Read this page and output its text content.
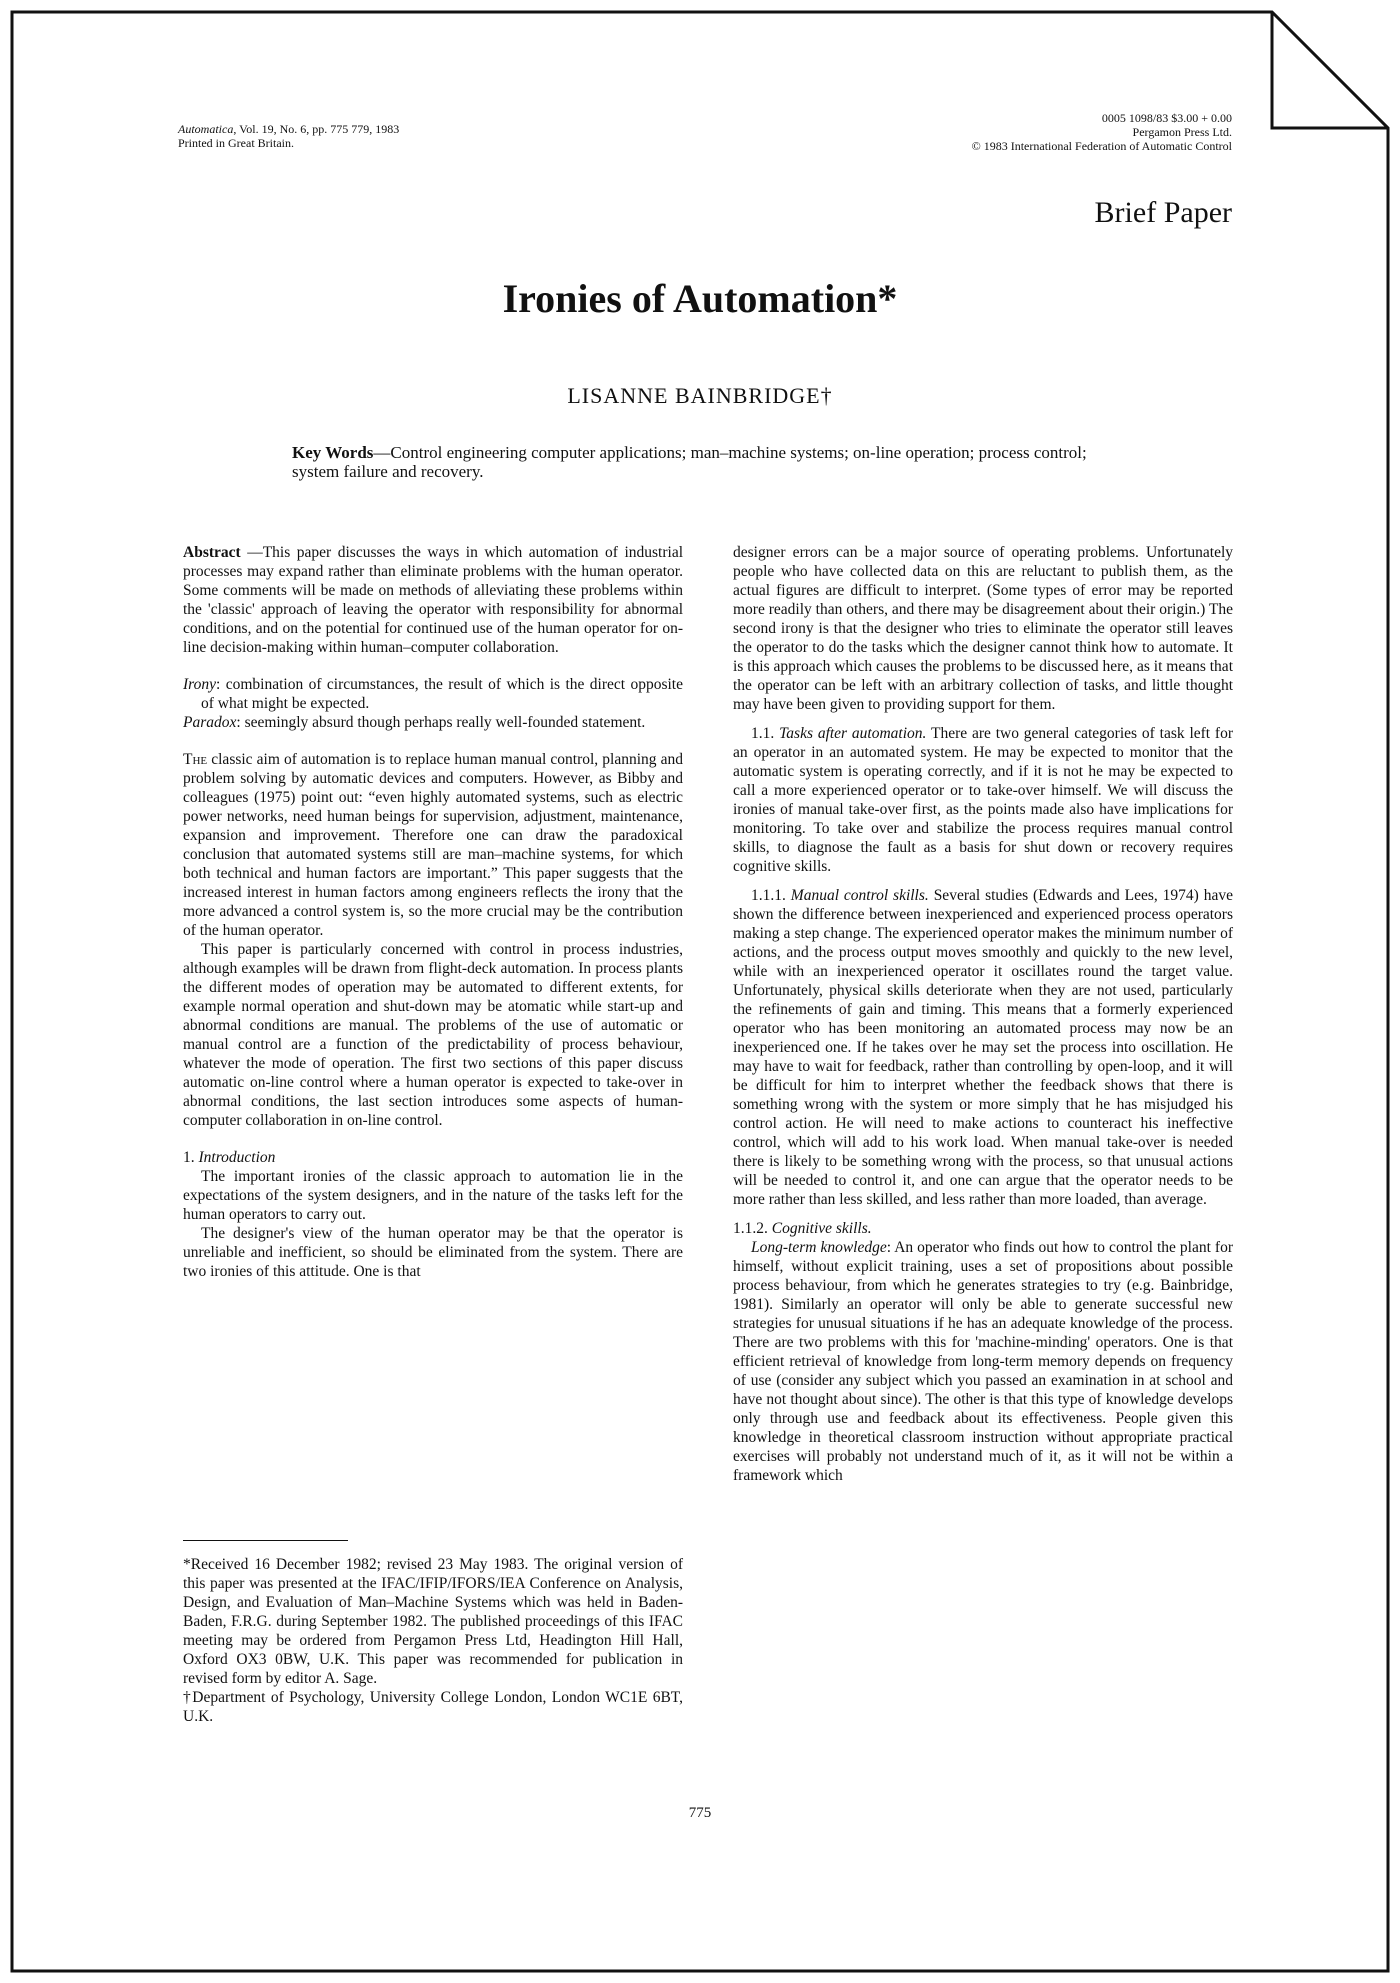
Automatica, Vol. 19, No. 6, pp. 775 779, 1983
Printed in Great Britain.
0005 1098/83 $3.00 + 0.00
Pergamon Press Ltd.
© 1983 International Federation of Automatic Control
Brief Paper
Ironies of Automation*
LISANNE BAINBRIDGE†
Key Words—Control engineering computer applications; man–machine systems; on-line operation; process control; system failure and recovery.

Abstract —This paper discusses the ways in which automation of industrial processes may expand rather than eliminate problems with the human operator. Some comments will be made on methods of alleviating these problems within the 'classic' approach of leaving the operator with responsibility for abnormal conditions, and on the potential for continued use of the human operator for on-line decision-making within human–computer collaboration.

Irony: combination of circumstances, the result of which is the direct opposite of what might be expected.

Paradox: seemingly absurd though perhaps really well-founded statement.

The classic aim of automation is to replace human manual control, planning and problem solving by automatic devices and computers. However, as Bibby and colleagues (1975) point out: “even highly automated systems, such as electric power networks, need human beings for supervision, adjustment, maintenance, expansion and improvement. Therefore one can draw the paradoxical conclusion that automated systems still are man–machine systems, for which both technical and human factors are important.” This paper suggests that the increased interest in human factors among engineers reflects the irony that the more advanced a control system is, so the more crucial may be the contribution of the human operator.

This paper is particularly concerned with control in process industries, although examples will be drawn from flight-deck automation. In process plants the different modes of operation may be automated to different extents, for example normal operation and shut-down may be atomatic while start-up and abnormal conditions are manual. The problems of the use of automatic or manual control are a function of the predictability of process behaviour, whatever the mode of operation. The first two sections of this paper discuss automatic on-line control where a human operator is expected to take-over in abnormal conditions, the last section introduces some aspects of human-computer collaboration in on-line control.

1. Introduction

The important ironies of the classic approach to automation lie in the expectations of the system designers, and in the nature of the tasks left for the human operators to carry out.

The designer's view of the human operator may be that the operator is unreliable and inefficient, so should be eliminated from the system. There are two ironies of this attitude. One is that

*Received 16 December 1982; revised 23 May 1983. The original version of this paper was presented at the IFAC/IFIP/IFORS/IEA Conference on Analysis, Design, and Evaluation of Man–Machine Systems which was held in Baden-Baden, F.R.G. during September 1982. The published proceedings of this IFAC meeting may be ordered from Pergamon Press Ltd, Headington Hill Hall, Oxford OX3 0BW, U.K. This paper was recommended for publication in revised form by editor A. Sage.

†Department of Psychology, University College London, London WC1E 6BT, U.K.

designer errors can be a major source of operating problems. Unfortunately people who have collected data on this are reluctant to publish them, as the actual figures are difficult to interpret. (Some types of error may be reported more readily than others, and there may be disagreement about their origin.) The second irony is that the designer who tries to eliminate the operator still leaves the operator to do the tasks which the designer cannot think how to automate. It is this approach which causes the problems to be discussed here, as it means that the operator can be left with an arbitrary collection of tasks, and little thought may have been given to providing support for them.

1.1. Tasks after automation. There are two general categories of task left for an operator in an automated system. He may be expected to monitor that the automatic system is operating correctly, and if it is not he may be expected to call a more experienced operator or to take-over himself. We will discuss the ironies of manual take-over first, as the points made also have implications for monitoring. To take over and stabilize the process requires manual control skills, to diagnose the fault as a basis for shut down or recovery requires cognitive skills.

1.1.1. Manual control skills. Several studies (Edwards and Lees, 1974) have shown the difference between inexperienced and experienced process operators making a step change. The experienced operator makes the minimum number of actions, and the process output moves smoothly and quickly to the new level, while with an inexperienced operator it oscillates round the target value. Unfortunately, physical skills deteriorate when they are not used, particularly the refinements of gain and timing. This means that a formerly experienced operator who has been monitoring an automated process may now be an inexperienced one. If he takes over he may set the process into oscillation. He may have to wait for feedback, rather than controlling by open-loop, and it will be difficult for him to interpret whether the feedback shows that there is something wrong with the system or more simply that he has misjudged his control action. He will need to make actions to counteract his ineffective control, which will add to his work load. When manual take-over is needed there is likely to be something wrong with the process, so that unusual actions will be needed to control it, and one can argue that the operator needs to be more rather than less skilled, and less rather than more loaded, than average.

1.1.2. Cognitive skills.

Long-term knowledge: An operator who finds out how to control the plant for himself, without explicit training, uses a set of propositions about possible process behaviour, from which he generates strategies to try (e.g. Bainbridge, 1981). Similarly an operator will only be able to generate successful new strategies for unusual situations if he has an adequate knowledge of the process. There are two problems with this for 'machine-minding' operators. One is that efficient retrieval of knowledge from long-term memory depends on frequency of use (consider any subject which you passed an examination in at school and have not thought about since). The other is that this type of knowledge develops only through use and feedback about its effectiveness. People given this knowledge in theoretical classroom instruction without appropriate practical exercises will probably not understand much of it, as it will not be within a framework which

775
